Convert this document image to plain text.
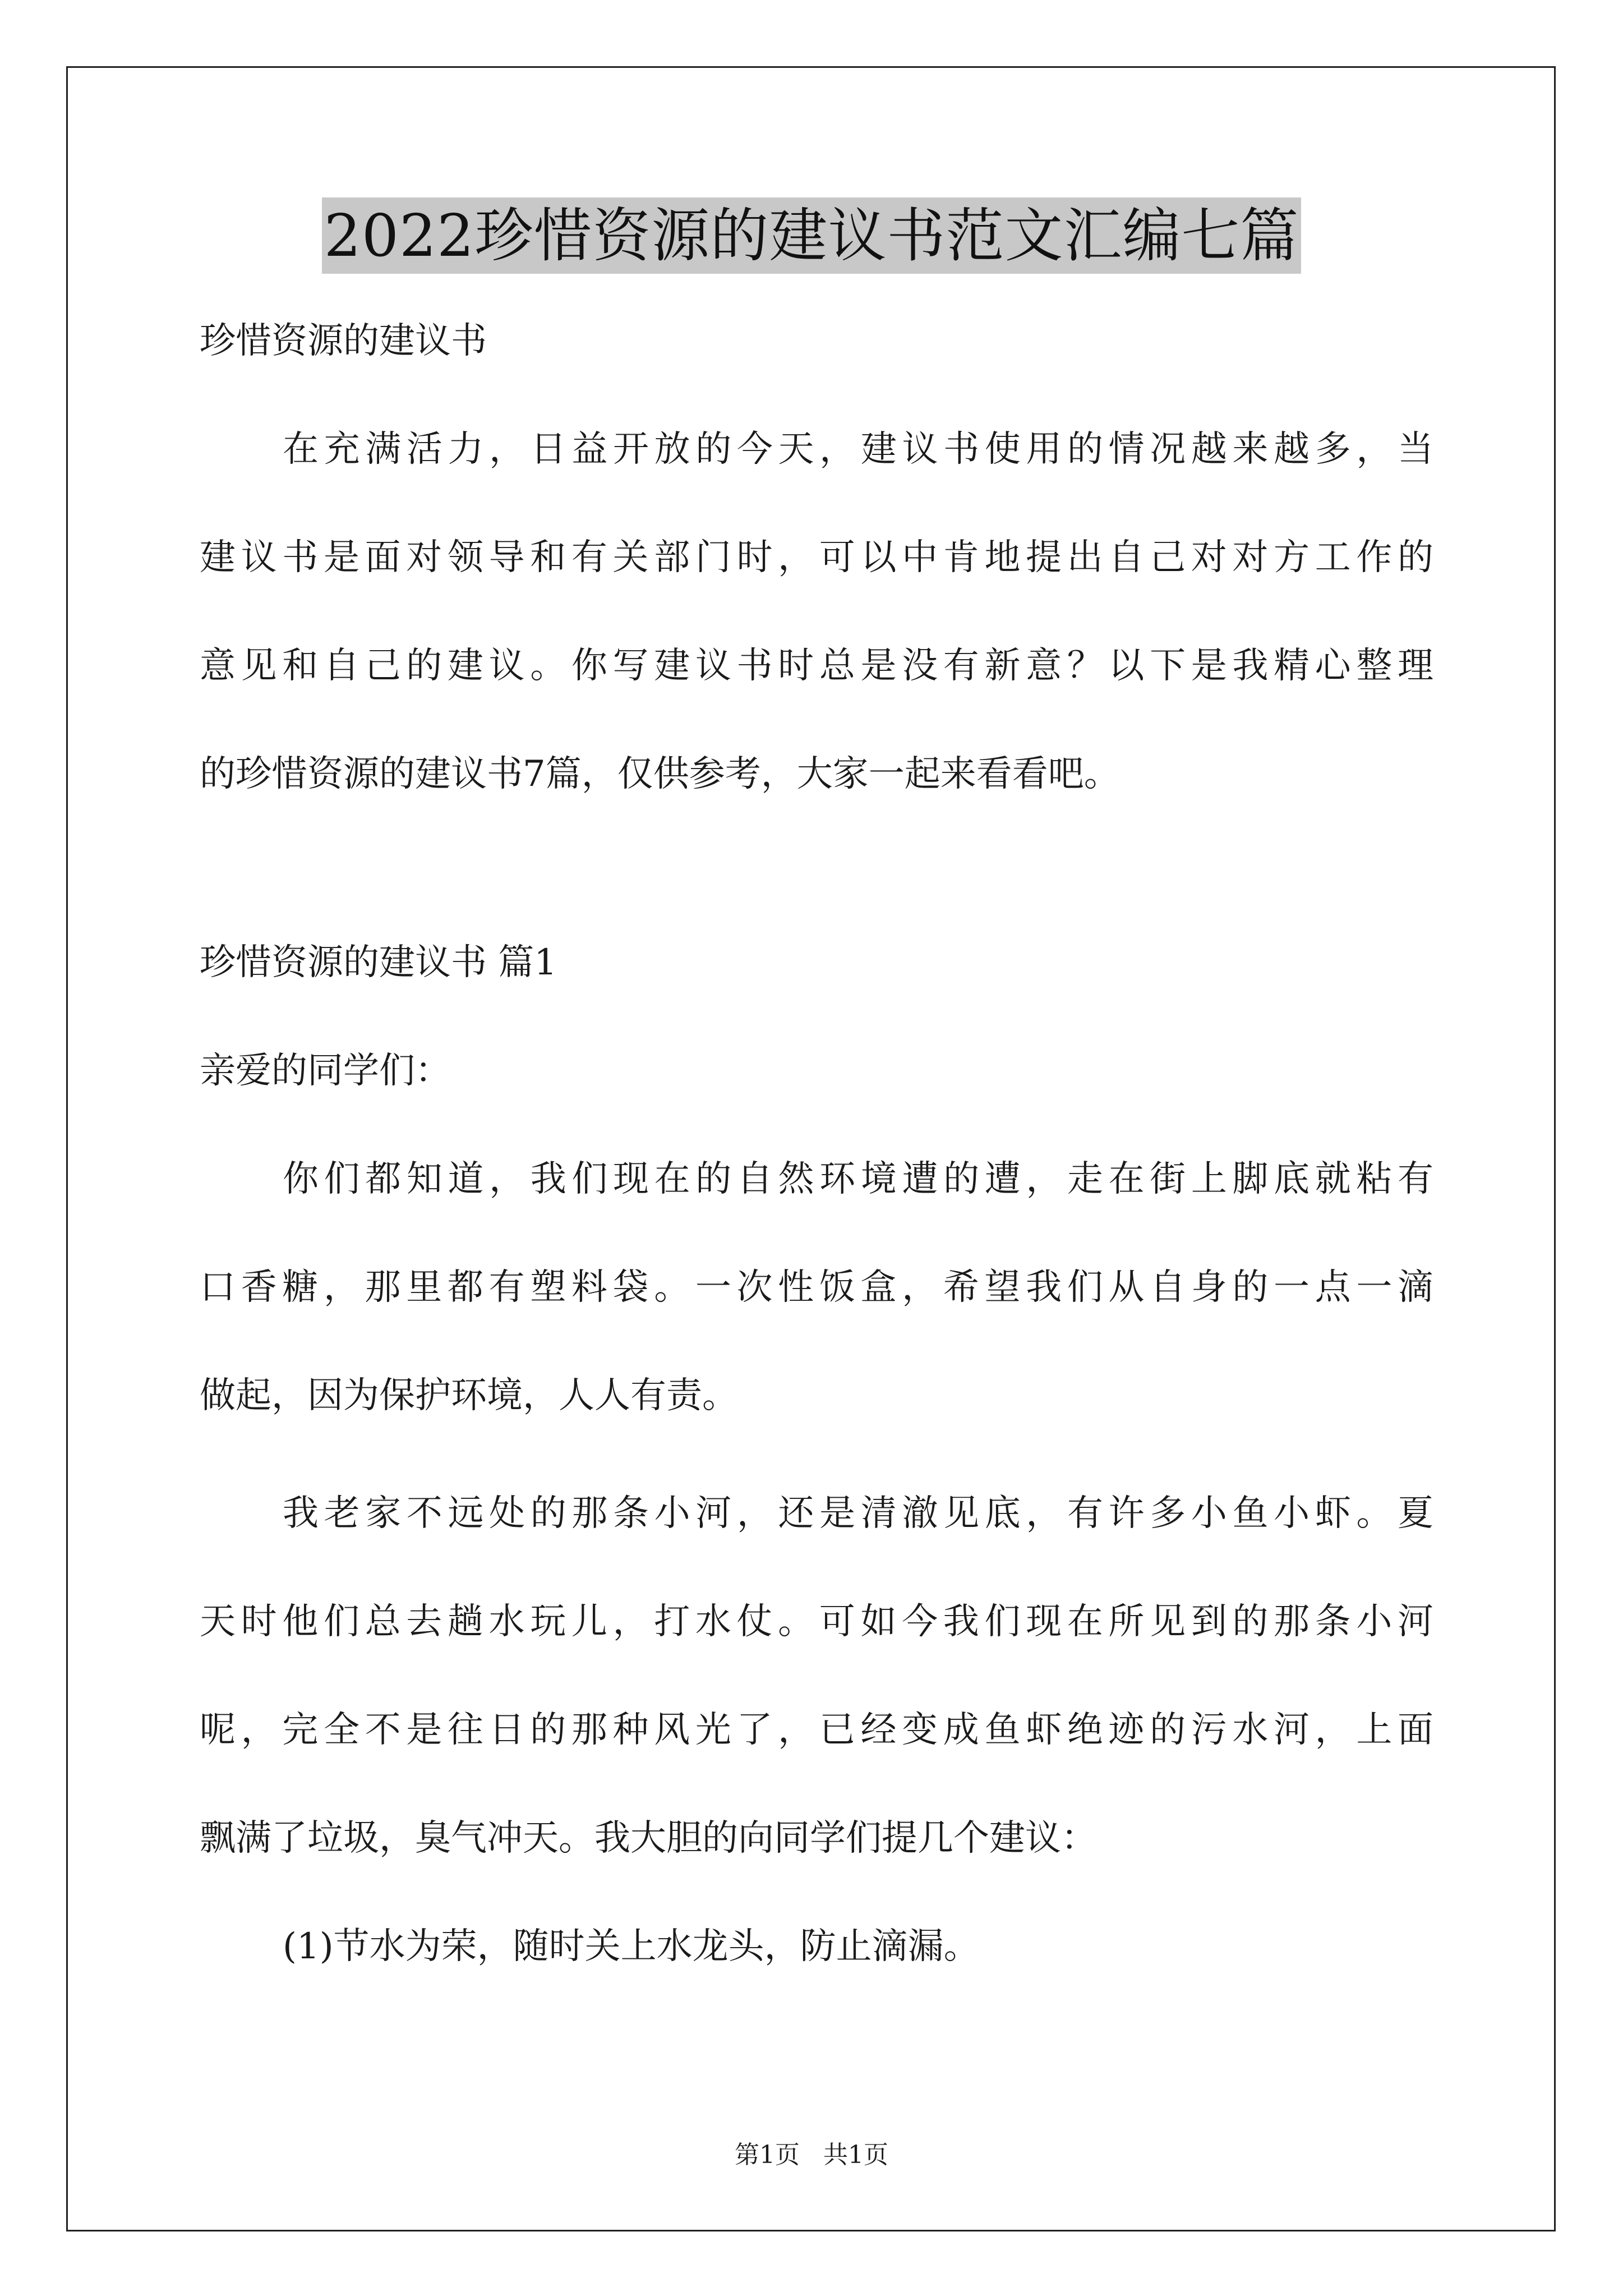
2022珍惜资源的建议书范文汇编七篇
珍惜资源的建议书
在充满活力，日益开放的今天，建议书使用的情况越来越多，当
建议书是面对领导和有关部门时，可以中肯地提出自己对对方工作的
意见和自己的建议。你写建议书时总是没有新意？以下是我精心整理
的珍惜资源的建议书7篇，仅供参考，大家一起来看看吧。
珍惜资源的建议书 篇1
亲爱的同学们：
你们都知道，我们现在的自然环境遭的遭，走在街上脚底就粘有
口香糖，那里都有塑料袋。一次性饭盒，希望我们从自身的一点一滴
做起，因为保护环境，人人有责。
我老家不远处的那条小河，还是清澈见底，有许多小鱼小虾。夏
天时他们总去趟水玩儿，打水仗。可如今我们现在所见到的那条小河
呢，完全不是往日的那种风光了，已经变成鱼虾绝迹的污水河，上面
飘满了垃圾，臭气冲天。我大胆的向同学们提几个建议：
(1)节水为荣，随时关上水龙头，防止滴漏。
第1页   共1页
